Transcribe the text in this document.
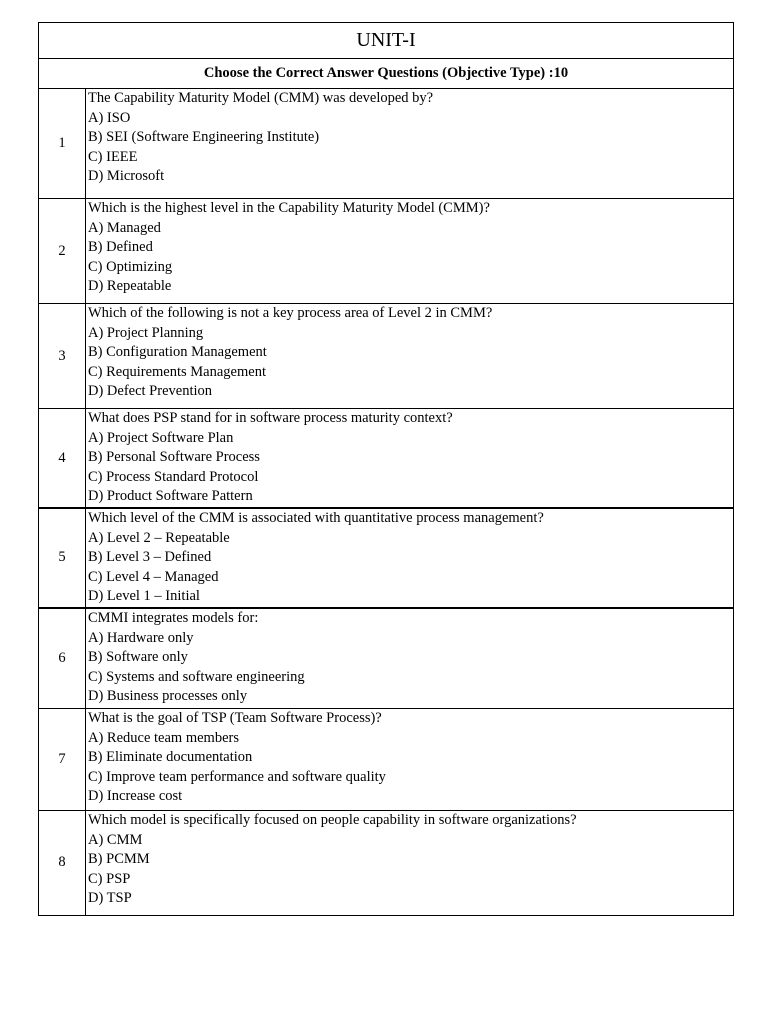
UNIT-I	
Choose the Correct Answer Questions (Objective Type) :10	
1	The Capability Maturity Model (CMM) was developed by?
A) ISO
B) SEI (Software Engineering Institute)
C) IEEE
D) Microsoft

2	Which is the highest level in the Capability Maturity Model (CMM)?
A) Managed
B) Defined
C) Optimizing
D) Repeatable

3	Which of the following is not a key process area of Level 2 in CMM?
A) Project Planning
B) Configuration Management
C) Requirements Management
D) Defect Prevention

4	What does PSP stand for in software process maturity context?
A) Project Software Plan
B) Personal Software Process
C) Process Standard Protocol
D) Product Software Pattern

5	Which level of the CMM is associated with quantitative process management?
A) Level 2 – Repeatable
B) Level 3 – Defined
C) Level 4 – Managed
D) Level 1 – Initial

6	CMMI integrates models for:
A) Hardware only
B) Software only
C) Systems and software engineering
D) Business processes only

7	What is the goal of TSP (Team Software Process)?
A) Reduce team members
B) Eliminate documentation
C) Improve team performance and software quality
D) Increase cost

8	Which model is specifically focused on people capability in software organizations?
A) CMM
B) PCMM
C) PSP
D) TSP
